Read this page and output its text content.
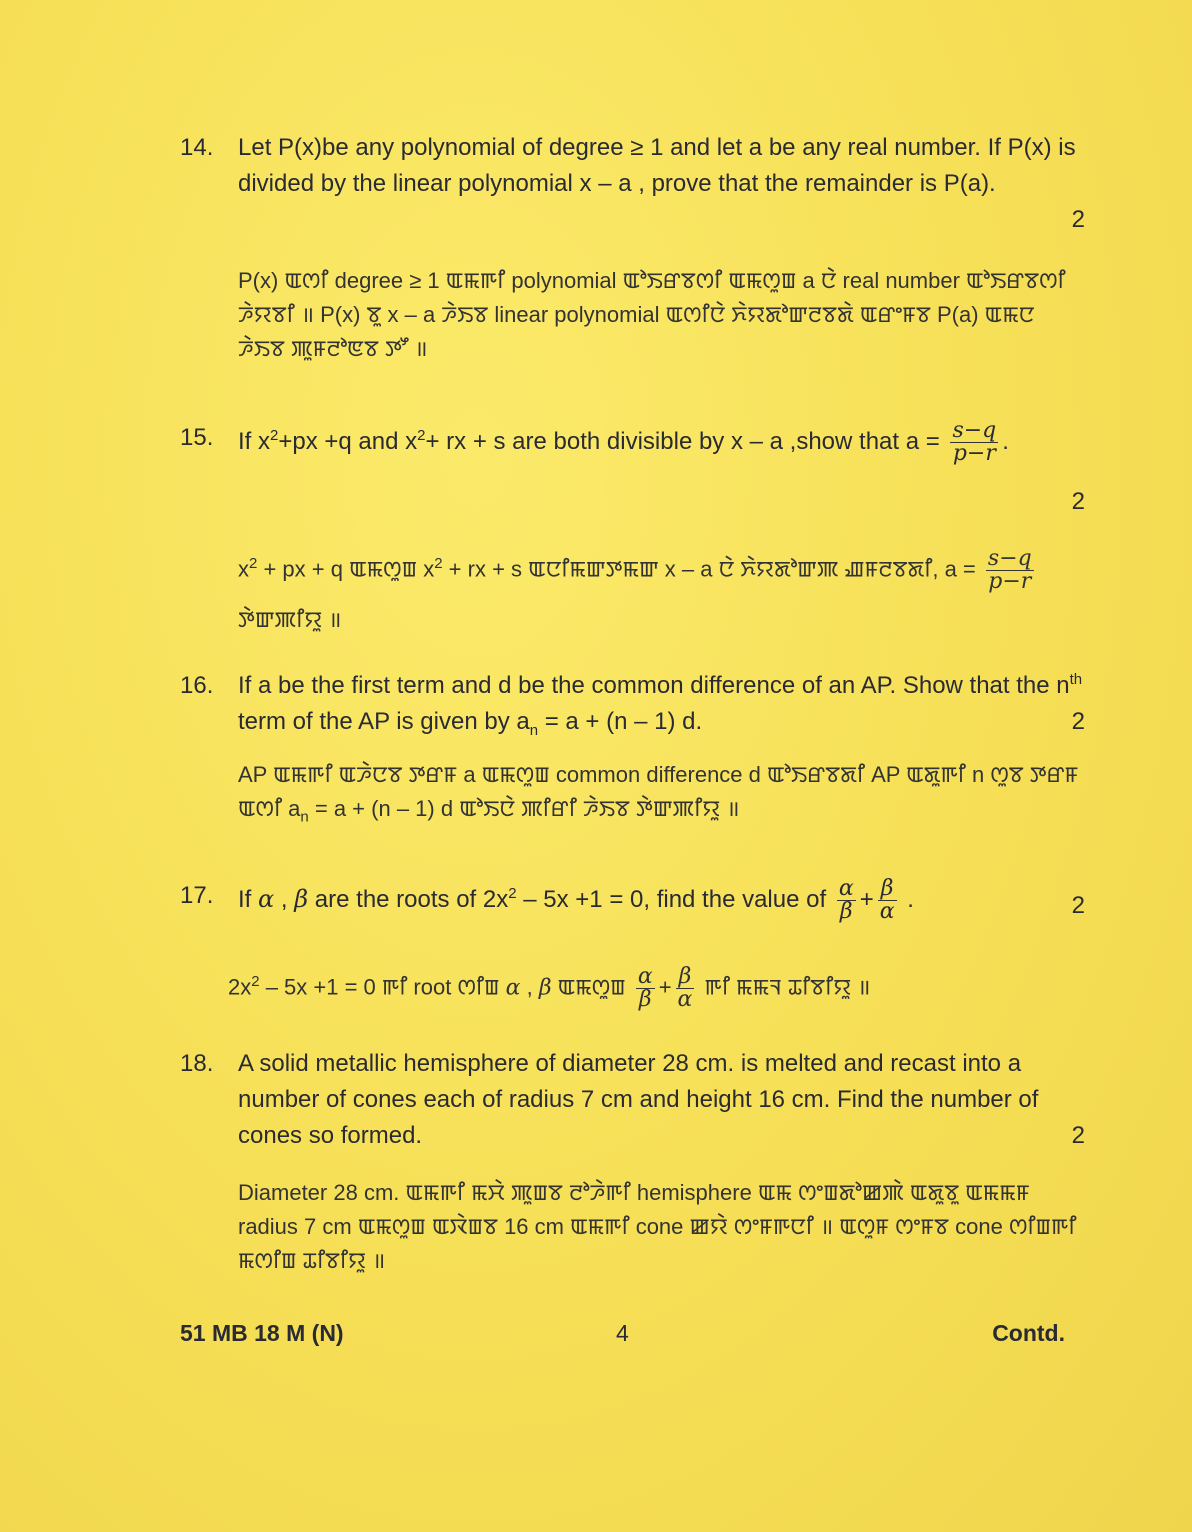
14.	Let P(x)be any polynomial of degree ≥ 1 and let a be any real number. If P(x) is divided by the linear polynomial x – a , prove that the remainder is P(a).
2
P(x) ꯑꯁꯤ degree ≥ 1 ꯑꯃꯒꯤ polynomial ꯑꯣꯏꯔꯕꯁꯤ ꯑꯃꯁꯨꯡ a ꯅꯥ real number ꯑꯣꯏꯔꯕꯁꯤ ꯍꯥꯌꯕꯤ ॥ P(x) ꯕꯨ x – a ꯍꯥꯏꯕ linear polynomial ꯑꯁꯤꯅꯥ ꯈꯥꯌꯗꯣꯛꯂꯕꯗꯥ ꯑꯔꯦꯝꯕ P(a) ꯑꯃꯅ ꯍꯥꯏꯕ ꯄꯨꯝꯂꯣꯟꯕ ꯇꯧ ॥
15.	If $x^2+px +q$ and $x^2+$ rx + s are both divisible by x – a ,show that $a = \frac{s-q}{p-r}$ .
2
$x^2$ + px + q ꯑꯃꯁꯨꯡ $x^2$ + rx + s ꯑꯅꯤꯃꯛꯇꯃꯛ x – a ꯅꯥ ꯈꯥꯌꯗꯣꯛꯄ ꯉꯝꯂꯕꯗꯤ, $a = \frac{s-q}{p-r}$
ꯇꯥꯛꯄꯤꯌꯨ ॥
16.	If a be the first term and d be the common difference of an AP. Show that the $n^{th}$ term of the AP is given by $a_n = a + (n - 1)$ d.	2
AP ꯑꯃꯒꯤ ꯑꯍꯥꯅꯕ ꯇꯔꯝ a ꯑꯃꯁꯨꯡ common difference d ꯑꯣꯏꯔꯕꯗꯤ AP ꯑꯗꯨꯒꯤ n ꯁꯨꯕ ꯇꯔꯝ ꯑꯁꯤ $a_n = a + (n - 1)$ d ꯑꯣꯏꯅꯥ ꯄꯤꯔꯤ ꯍꯥꯏꯕ ꯇꯥꯛꯄꯤꯌꯨ ॥
17.	If α , β are the roots of $2x^2 - 5x +1 = 0$, find the value of $\frac{\alpha}{\beta} + \frac{\beta}{\alpha}$ .	2
$2x^2 - 5x +1 = 0$ ꯒꯤ root ꯁꯤꯡ α , β ꯑꯃꯁꯨꯡ $\frac{\alpha}{\beta} + \frac{\beta}{\alpha}$ ꯒꯤ ꯃꯃꯜ ꯊꯤꯕꯤꯌꯨ ॥
18.	A solid metallic hemisphere of diameter 28 cm. is melted and recast into a number of cones each of radius 7 cm and height 16 cm. Find the number of cones so formed.	2
Diameter 28 cm. ꯑꯃꯒꯤ ꯃꯆꯥ ꯄꯨꯡꯕ ꯂꯣꯍꯥꯒꯤ hemisphere ꯑꯃ ꯁꯦꯡꯗꯣꯀꯄꯥ ꯑꯗꯨꯕꯨ ꯑꯃꯃꯝ radius 7 cm ꯑꯃꯁꯨꯡ ꯑꯋꯥꯡꯕ 16 cm ꯑꯃꯒꯤ cone ꯀꯌꯥ ꯁꯦꯝꯒꯅꯤ ॥ ꯑꯁꯨꯝ ꯁꯦꯝꯕ cone ꯁꯤꯡꯒꯤ ꯃꯁꯤꯡ ꯊꯤꯕꯤꯌꯨ ॥
51 MB 18 M (N)	4	Contd.
